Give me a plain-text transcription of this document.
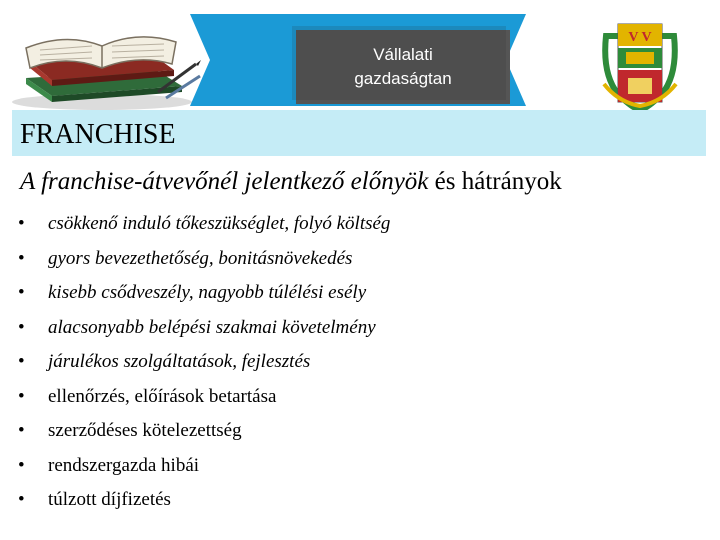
Vállalati
gazdaságtan
V V
FRANCHISE
A franchise-átvevőnél jelentkező előnyök és hátrányok
•	csökkenő induló tőkeszükséglet, folyó költség
•	gyors bevezethetőség, bonitásnövekedés
•	kisebb csődveszély, nagyobb túlélési esély
•	alacsonyabb belépési szakmai követelmény
•	járulékos szolgáltatások, fejlesztés
•	ellenőrzés, előírások betartása
•	szerződéses kötelezettség
•	rendszergazda hibái
•	túlzott díjfizetés
